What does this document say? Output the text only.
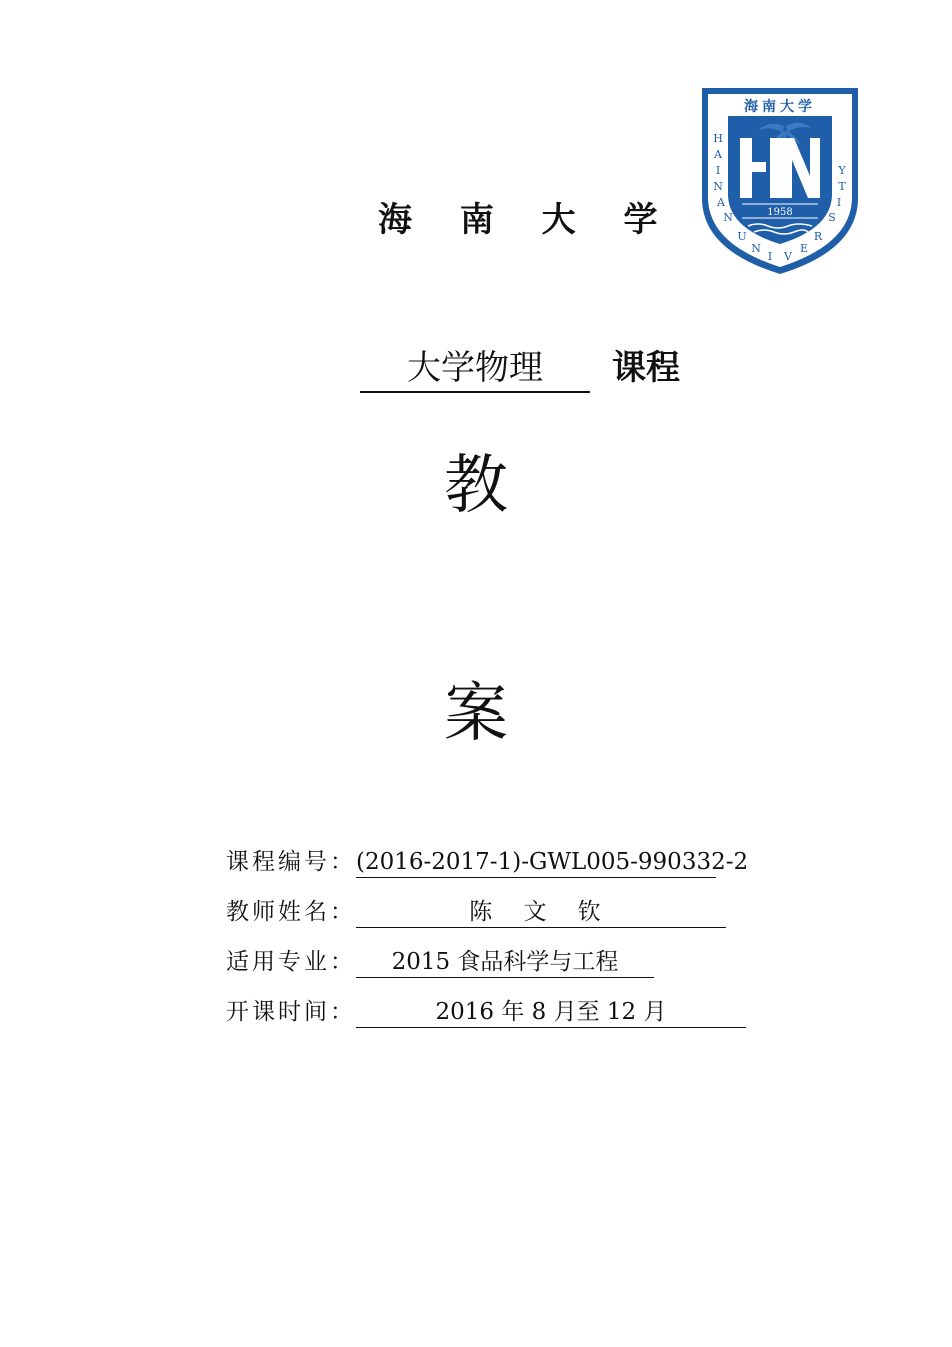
海 南 大 学	1958
海南大学
H
A
I
N
A
N
U
N
I V
E
R
S
I
T
Y
大学物理 课程
教
案
课程编号：(2016-2017-1)-GWL005-990332-2
教师姓名：	陈 文 钦
适用专业： 2015 食品科学与工程
开课时间：	2016 年 8 月至 12 月
